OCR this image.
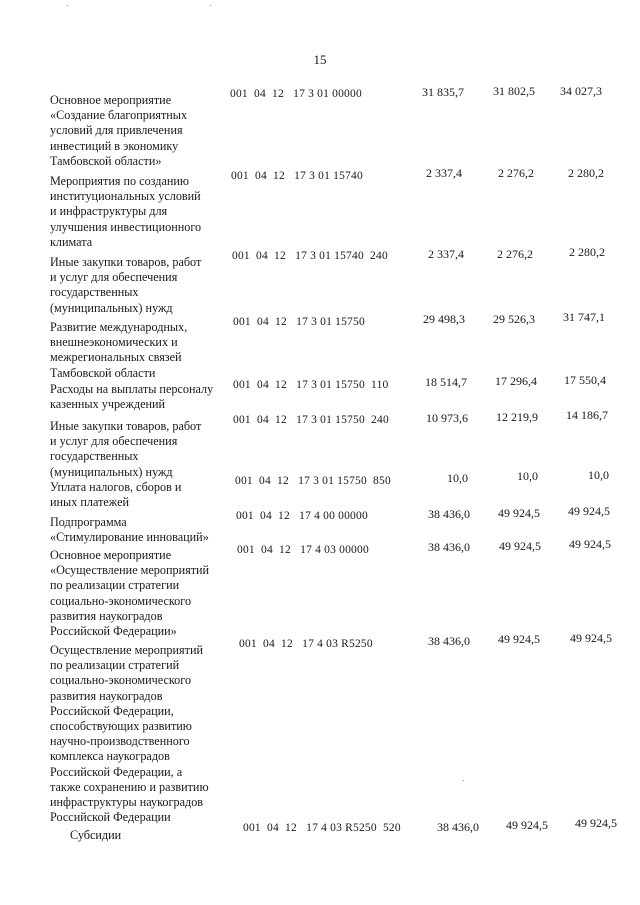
15
Основное мероприятие
«Создание благоприятных
условий для привлечения
инвестиций в экономику
Тамбовской области»
001  04  12   17 3 01 00000	31 835,7	31 802,5	34 027,3
Мероприятия по созданию
институциональных условий
и инфраструктуры для
улучшения инвестиционного
климата
001  04  12   17 3 01 15740	2 337,4	2 276,2	2 280,2
Иные закупки товаров, работ
и услуг для обеспечения
государственных
(муниципальных) нужд
001  04  12   17 3 01 15740  240	2 337,4	2 276,2	2 280,2
Развитие международных,
внешнеэкономических и
межрегиональных связей
Тамбовской области
001  04  12   17 3 01 15750	29 498,3	29 526,3	31 747,1
Расходы на выплаты персоналу
казенных учреждений
001  04  12   17 3 01 15750  110	18 514,7	17 296,4	17 550,4
Иные закупки товаров, работ
и услуг для обеспечения
государственных
(муниципальных) нужд
001  04  12   17 3 01 15750  240	10 973,6	12 219,9	14 186,7
Уплата налогов, сборов и
иных платежей
001  04  12   17 3 01 15750  850	10,0	10,0	10,0
Подпрограмма
«Стимулирование инноваций»
001  04  12   17 4 00 00000	38 436,0	49 924,5	49 924,5
Основное мероприятие
«Осуществление мероприятий
по реализации стратегии
социально-экономического
развития наукоградов
Российской Федерации»
001  04  12   17 4 03 00000	38 436,0	49 924,5	49 924,5
Осуществление мероприятий
по реализации стратегий
социально-экономического
развития наукоградов
Российской Федерации,
способствующих развитию
научно-производственного
комплекса наукоградов
Российской Федерации, а
также сохранению и развитию
инфраструктуры наукоградов
Российской Федерации
001  04  12   17 4 03 R5250	38 436,0	49 924,5	49 924,5
Субсидии	001  04  12   17 4 03 R5250  520	38 436,0	49 924,5	49 924,5
